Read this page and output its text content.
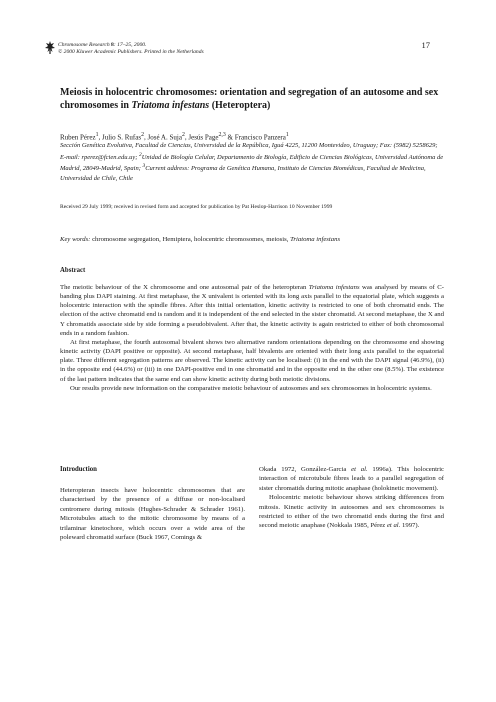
Chromosome Research 8: 17–25, 2000.
© 2000 Kluwer Academic Publishers. Printed in the Netherlands
17
Meiosis in holocentric chromosomes: orientation and segregation of an autosome and sex chromosomes in Triatoma infestans (Heteroptera)
Ruben Pérez$^1$, Julio S. Rufas$^2$, José A. Suja$^2$, Jesús Page$^{2,3}$ & Francisco Panzera$^1$
Sección Genética Evolutiva, Facultad de Ciencias, Universidad de la República, Iguá 4225, 11200 Montevideo, Uruguay; Fax: (5982) 5258629; E-mail: rperez@fcien.edu.uy; $^2$Unidad de Biología Celular, Departamento de Biología, Edificio de Ciencias Biológicas, Universidad Autónoma de Madrid, 28049-Madrid, Spain; $^3$Current address: Programa de Genética Humana, Instituto de Ciencias Biomédicas, Facultad de Medicina, Universidad de Chile, Chile
Received 29 July 1999; received in revised form and accepted for publication by Pat Heslop-Harrison 10 November 1999
Key words: chromosome segregation, Hemiptera, holocentric chromosomes, meiosis, Triatoma infestans
Abstract

The meiotic behaviour of the X chromosome and one autosomal pair of the heteropteran Triatoma infestans was analysed by means of C-banding plus DAPI staining. At first metaphase, the X univalent is oriented with its long axis parallel to the equatorial plate, which suggests a holocentric interaction with the spindle fibres. After this initial orientation, kinetic activity is restricted to one of both chromatid ends. The election of the active chromatid end is random and it is independent of the end selected in the sister chromatid. At second metaphase, the X and Y chromatids associate side by side forming a pseudobivalent. After that, the kinetic activity is again restricted to either of both chromosomal ends in a random fashion.

At first metaphase, the fourth autosomal bivalent shows two alternative random orientations depending on the chromosome end showing kinetic activity (DAPI positive or opposite). At second metaphase, half bivalents are oriented with their long axis parallel to the equatorial plate. Three different segregation patterns are observed. The kinetic activity can be localised: (i) in the end with the DAPI signal (46.9%), (ii) in the opposite end (44.6%) or (iii) in one DAPI-positive end in one chromatid and in the opposite end in the other one (8.5%). The existence of the last pattern indicates that the same end can show kinetic activity during both meiotic divisions.

Our results provide new information on the comparative meiotic behaviour of autosomes and sex chromosomes in holocentric systems.

Introduction

Heteropteran insects have holocentric chromosomes that are characterised by the presence of a diffuse or non-localised centromere during mitosis (Hughes-Schrader & Schrader 1961). Microtubules attach to the mitotic chromosome by means of a trilaminar kinetochore, which occurs over a wide area of the poleward chromatid surface (Buck 1967, Comings &

Okada 1972, González-Garcia et al. 1996a). This holocentric interaction of microtubule fibres leads to a parallel segregation of sister chromatids during mitotic anaphase (holokinetic movement).

Holocentric meiotic behaviour shows striking differences from mitosis. Kinetic activity in autosomes and sex chromosomes is restricted to either of the two chromatid ends during the first and second meiotic anaphase (Nokkala 1985, Pérez et al. 1997).
